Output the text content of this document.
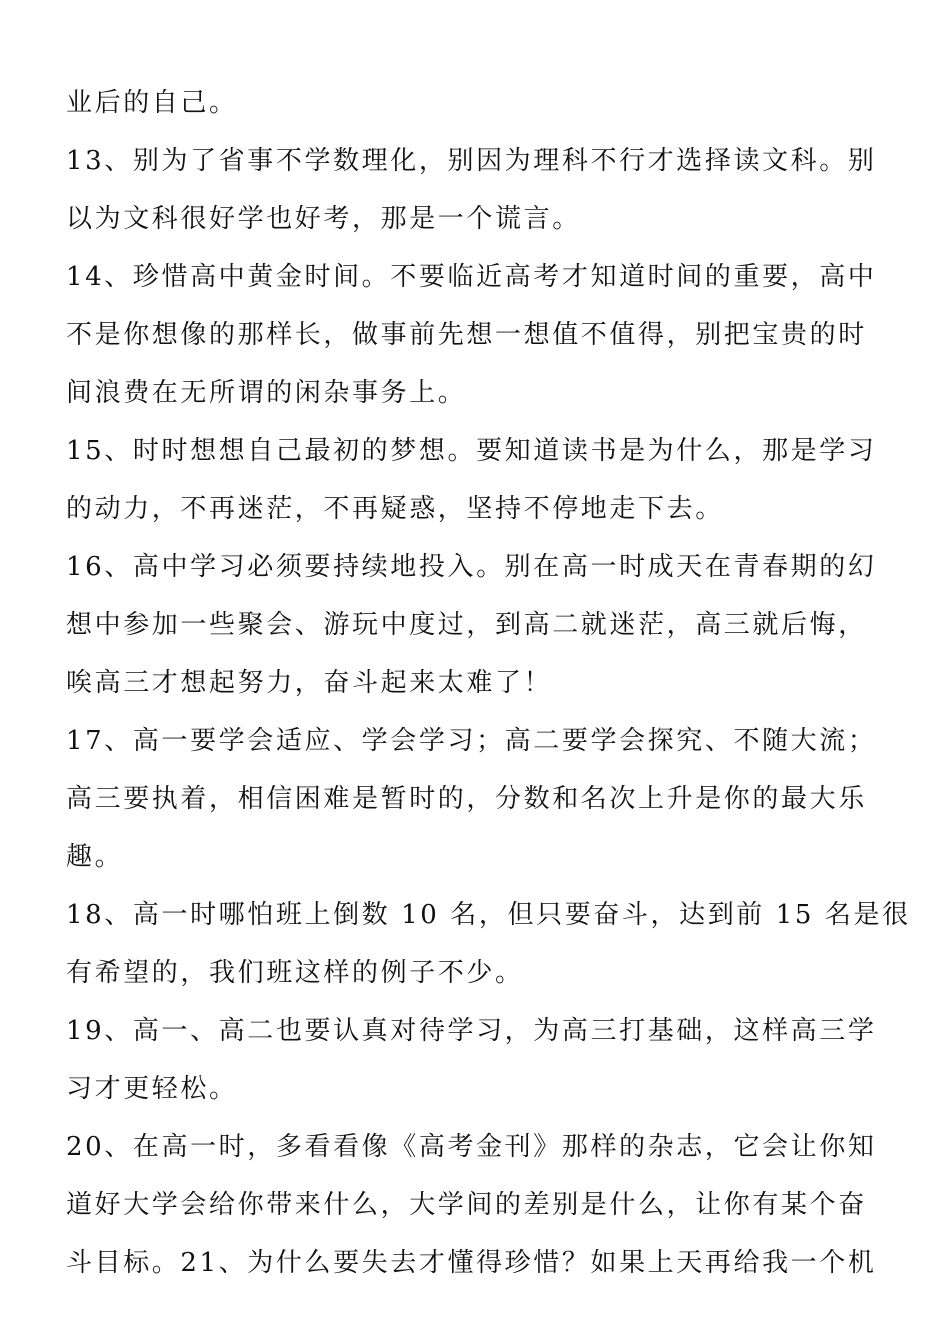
业后的自己。
13、别为了省事不学数理化，别因为理科不行才选择读文科。别
以为文科很好学也好考，那是一个谎言。
14、珍惜高中黄金时间。不要临近高考才知道时间的重要，高中
不是你想像的那样长，做事前先想一想值不值得，别把宝贵的时
间浪费在无所谓的闲杂事务上。
15、时时想想自己最初的梦想。要知道读书是为什么，那是学习
的动力，不再迷茫，不再疑惑，坚持不停地走下去。
16、高中学习必须要持续地投入。别在高一时成天在青春期的幻
想中参加一些聚会、游玩中度过，到高二就迷茫，高三就后悔，
唉高三才想起努力，奋斗起来太难了！
17、高一要学会适应、学会学习；高二要学会探究、不随大流；
高三要执着，相信困难是暂时的，分数和名次上升是你的最大乐
趣。
18、高一时哪怕班上倒数 10 名，但只要奋斗，达到前 15 名是很
有希望的，我们班这样的例子不少。
19、高一、高二也要认真对待学习，为高三打基础，这样高三学
习才更轻松。
20、在高一时，多看看像《高考金刊》那样的杂志，它会让你知
道好大学会给你带来什么，大学间的差别是什么，让你有某个奋
斗目标。21、为什么要失去才懂得珍惜？如果上天再给我一个机
